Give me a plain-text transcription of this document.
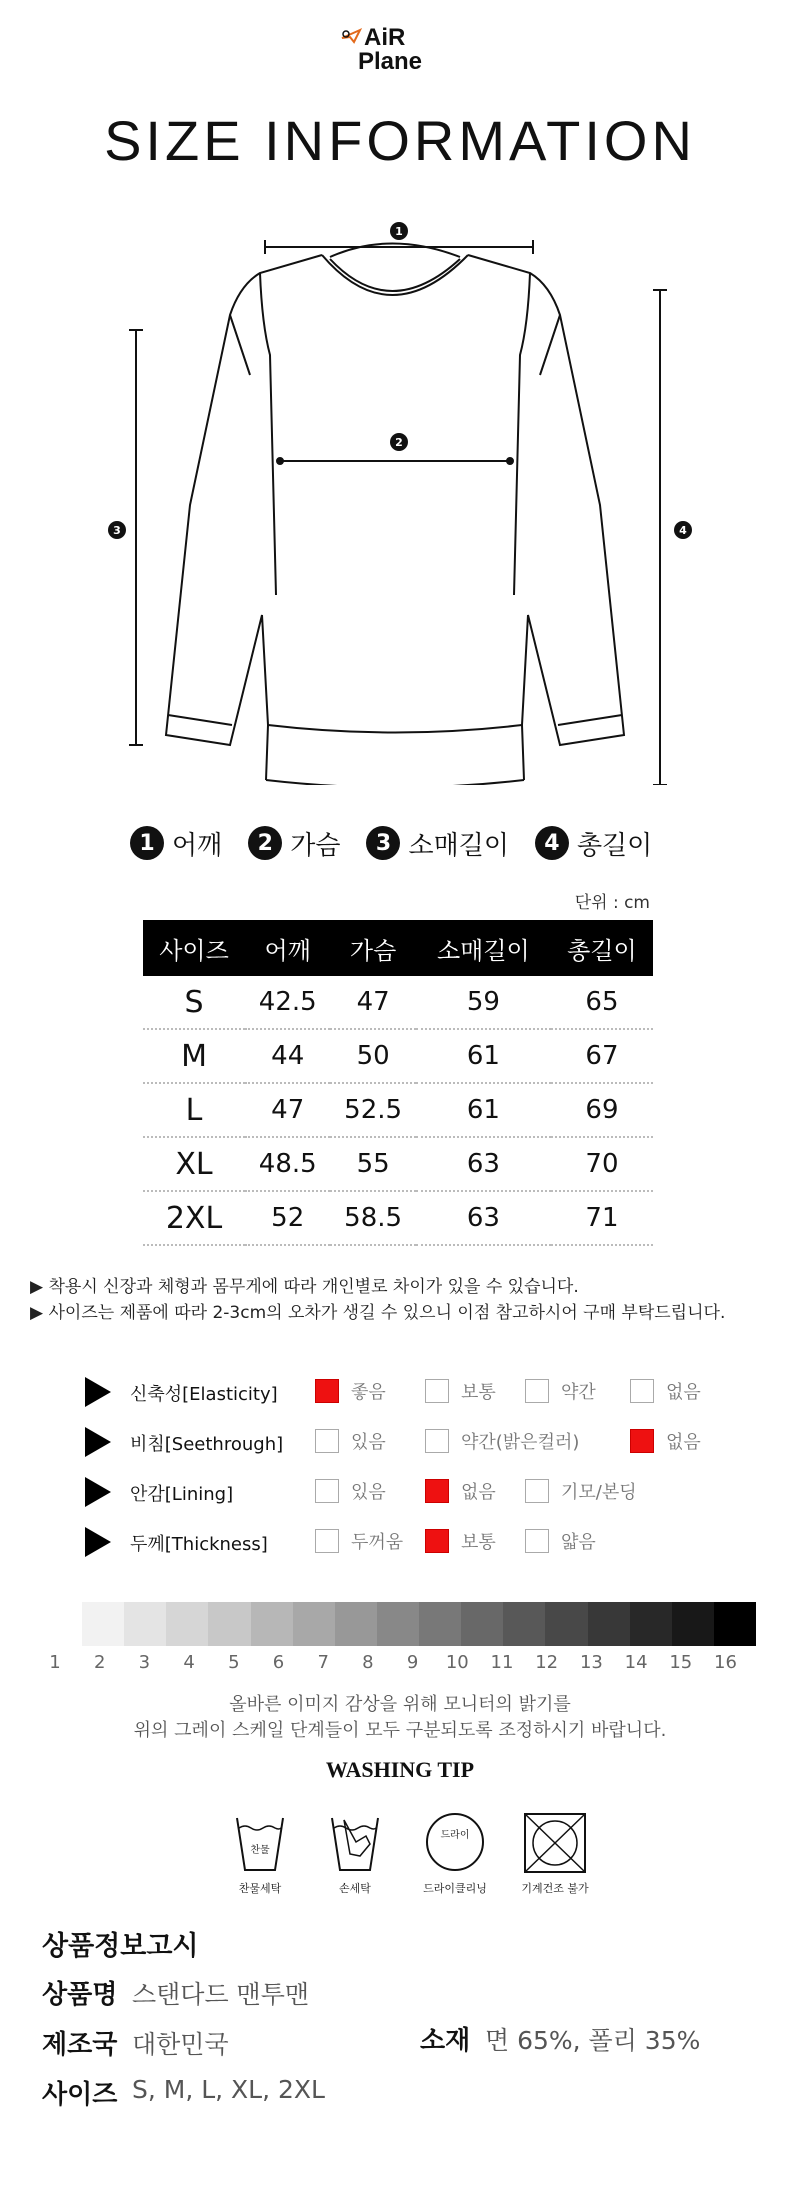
AiR
Plane
SIZE INFORMATION
1
2
3	4
1 어깨	2 가슴	3 소매길이	4 총길이
단위 : cm
사이즈	어깨	가슴	소매길이	총길이
S	42.5	47	59	65
M	44	50	61	67
L	47	52.5	61	69
XL	48.5	55	63	70
2XL	52	58.5	63	71
▶ 착용시 신장과 체형과 몸무게에 따라 개인별로 차이가 있을 수 있습니다.
▶ 사이즈는 제품에 따라 2-3cm의 오차가 생길 수 있으니 이점 참고하시어 구매 부탁드립니다.
신축성[Elasticity]	좋음	보통	약간	없음
비침[Seethrough]	있음	약간(밝은컬러)	없음
안감[Lining]	있음	없음	기모/본딩
두께[Thickness]	두꺼움	보통	얇음
1	2	3	4	5	6	7	8	9	10 11 12 13 14 15 16
올바른 이미지 감상을 위해 모니터의 밝기를
위의 그레이 스케일 단계들이 모두 구분되도록 조정하시기 바랍니다.
WASHING TIP
찬물
찬물세탁	손세탁
드라이
드라이클리닝	기계건조 불가
상품정보고시
상품명 스탠다드 맨투맨
제조국 대한민국	소재 면 65%, 폴리 35%
사이즈 S, M, L, XL, 2XL
